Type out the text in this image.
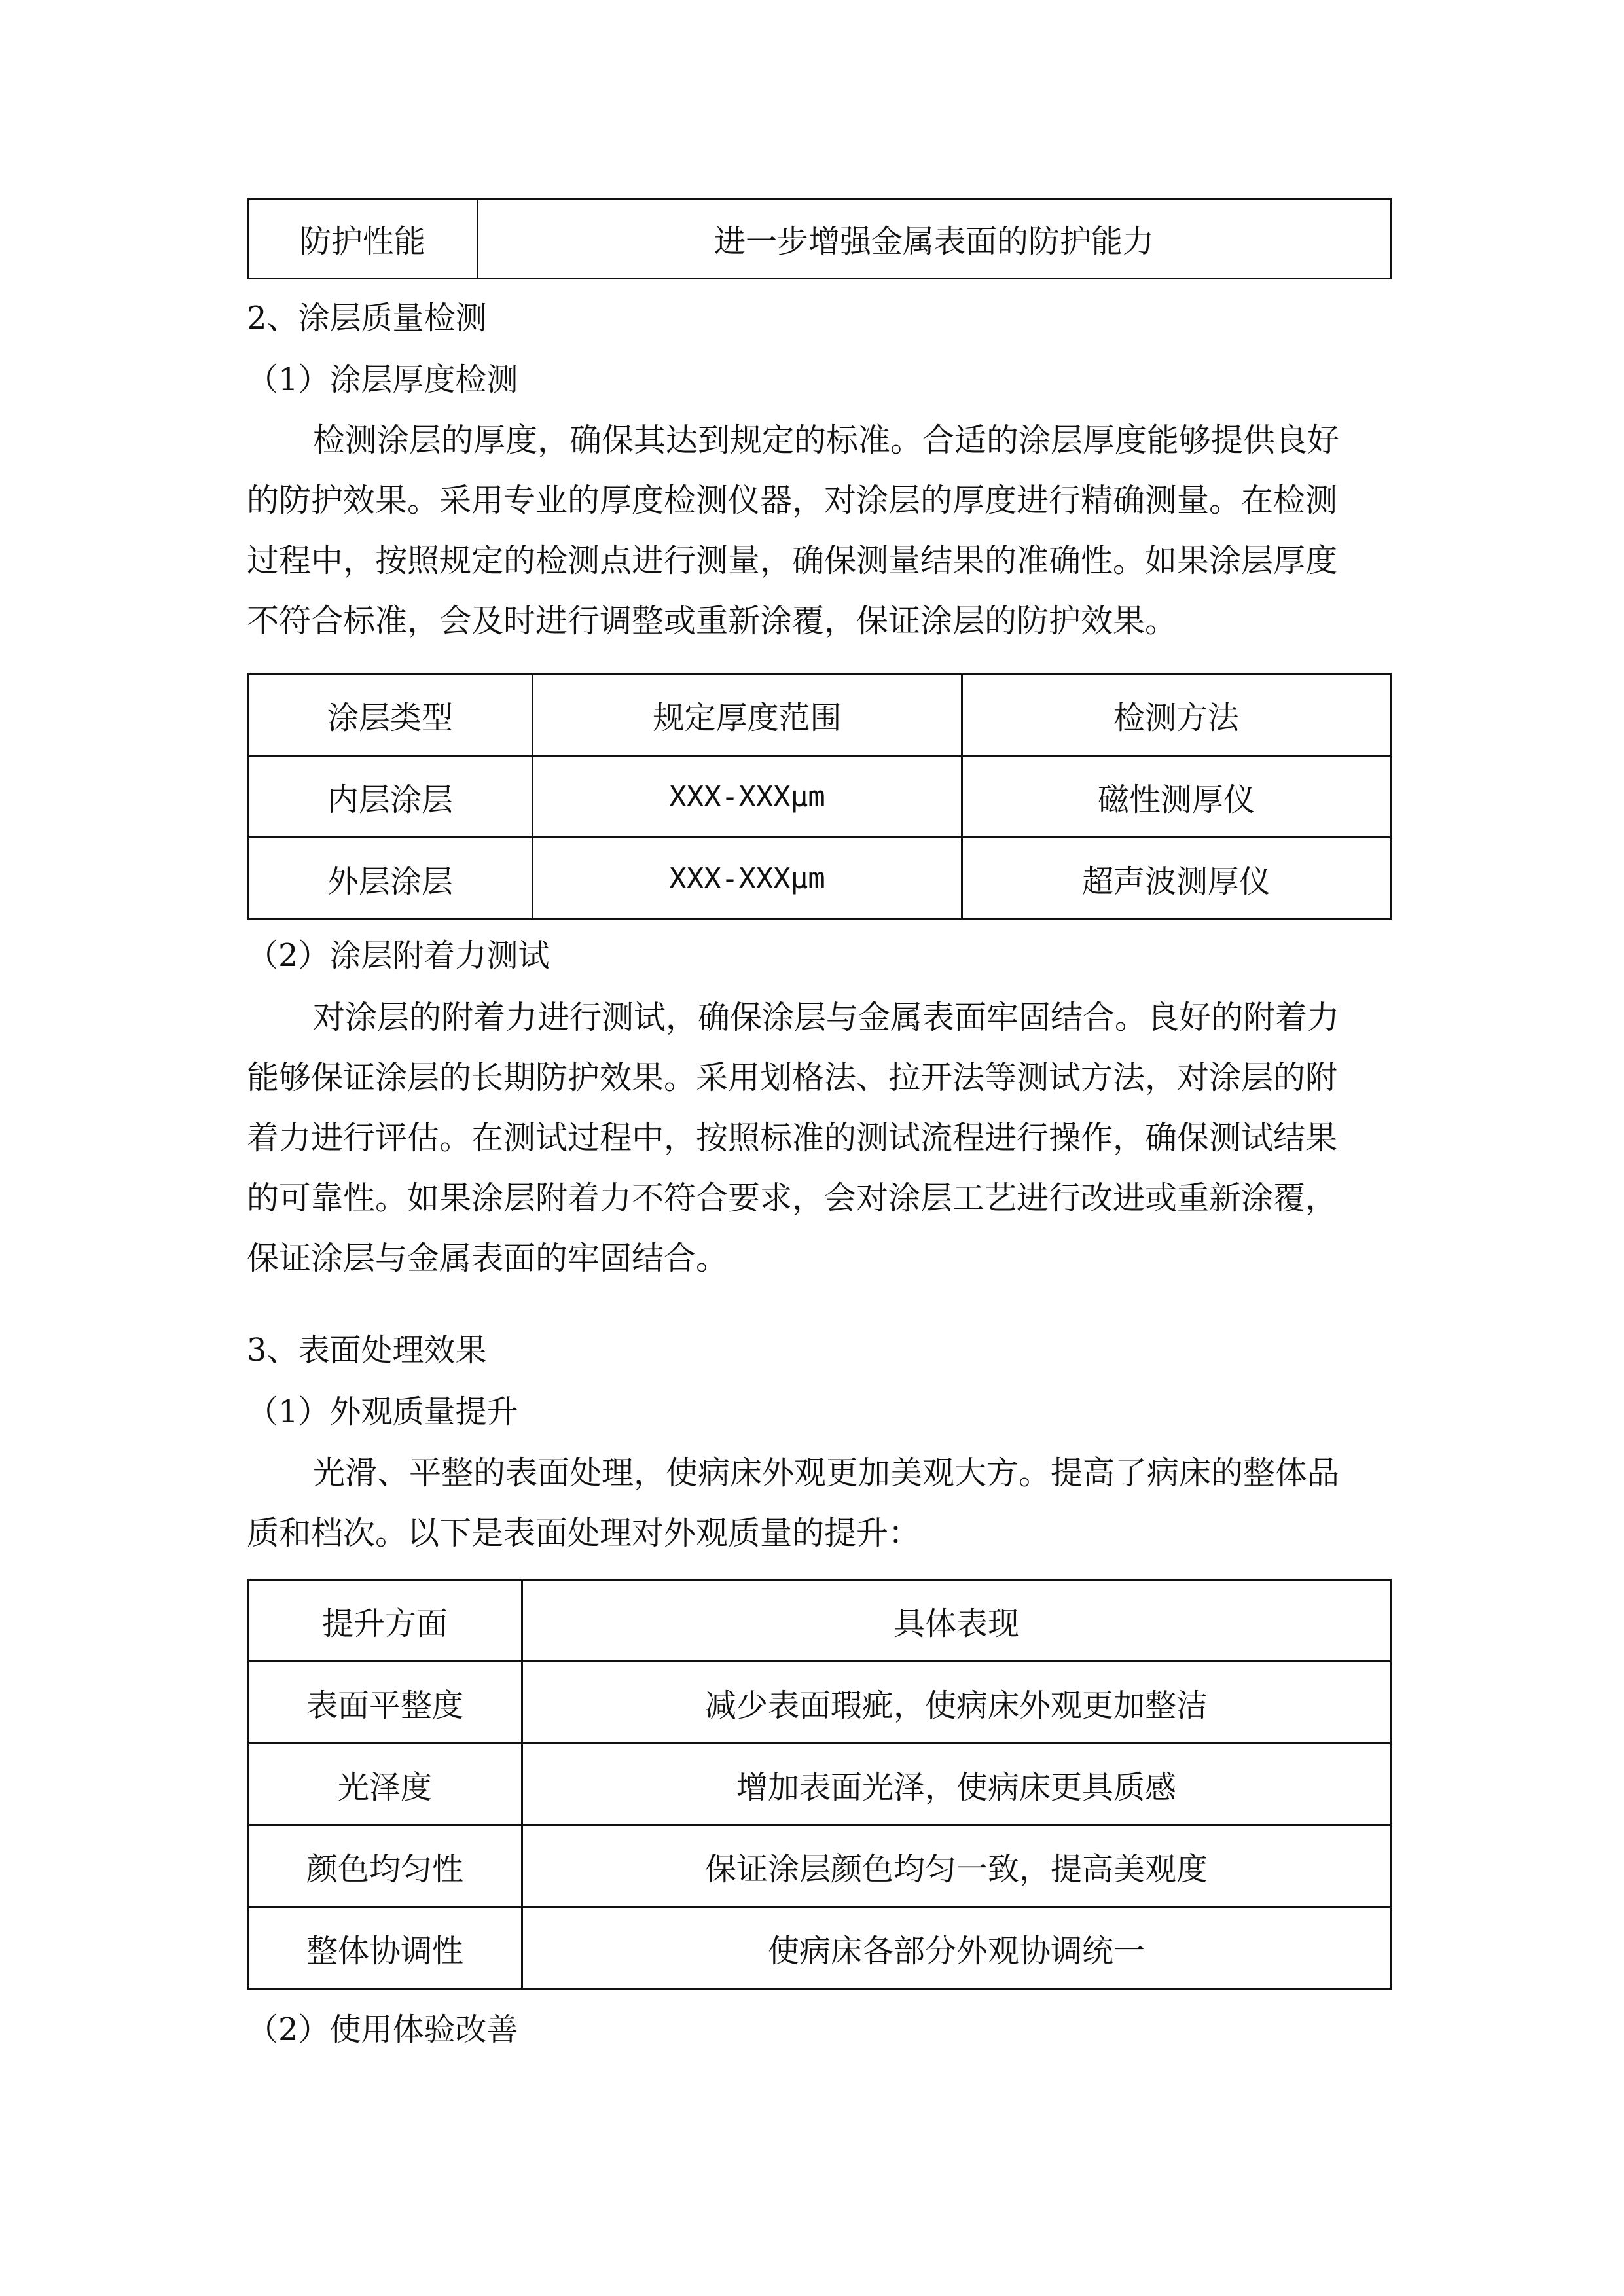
防护性能	进一步增强金属表面的防护能力
2、涂层质量检测
（1）涂层厚度检测
检测涂层的厚度，确保其达到规定的标准。合适的涂层厚度能够提供良好
的防护效果。采用专业的厚度检测仪器，对涂层的厚度进行精确测量。在检测
过程中，按照规定的检测点进行测量，确保测量结果的准确性。如果涂层厚度
不符合标准，会及时进行调整或重新涂覆，保证涂层的防护效果。
涂层类型	规定厚度范围	检测方法
内层涂层	XXX-XXXμm	磁性测厚仪
外层涂层	XXX-XXXμm	超声波测厚仪
（2）涂层附着力测试
对涂层的附着力进行测试，确保涂层与金属表面牢固结合。良好的附着力
能够保证涂层的长期防护效果。采用划格法、拉开法等测试方法，对涂层的附
着力进行评估。在测试过程中，按照标准的测试流程进行操作，确保测试结果
的可靠性。如果涂层附着力不符合要求，会对涂层工艺进行改进或重新涂覆，
保证涂层与金属表面的牢固结合。
3、表面处理效果
（1）外观质量提升
光滑、平整的表面处理，使病床外观更加美观大方。提高了病床的整体品
质和档次。以下是表面处理对外观质量的提升：
提升方面	具体表现
表面平整度	减少表面瑕疵，使病床外观更加整洁
光泽度	增加表面光泽，使病床更具质感
颜色均匀性	保证涂层颜色均匀一致，提高美观度
整体协调性	使病床各部分外观协调统一
（2）使用体验改善
